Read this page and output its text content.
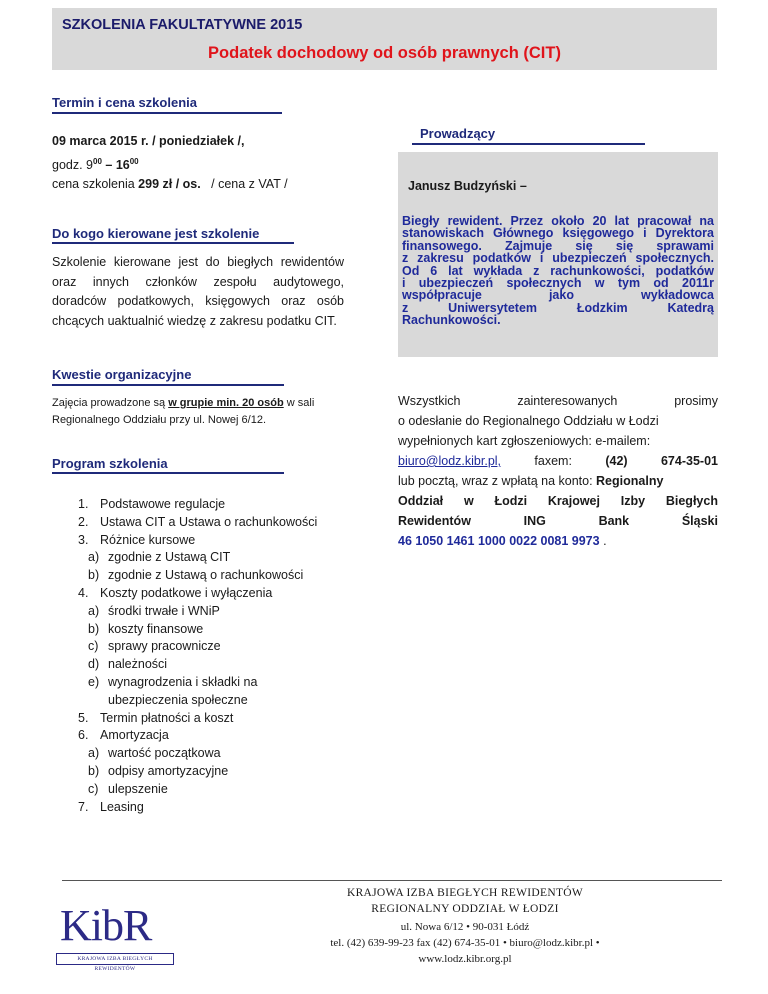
SZKOLENIA FAKULTATYWNE 2015
Podatek dochodowy od osób prawnych (CIT)
Termin i cena szkolenia
09 marca 2015 r. / poniedziałek /,
godz. $9^{00} - 16^{00}$
cena szkolenia 299 zł / os. / cena z VAT /
Do kogo kierowane jest szkolenie
Szkolenie kierowane jest do biegłych rewidentów
oraz innych członków zespołu audytowego,
doradców podatkowych, księgowych oraz osób
chcących uaktualnić wiedzę z zakresu podatku CIT.
Kwestie organizacyjne
Zajęcia prowadzone są w grupie min. 20 osób w sali
Regionalnego Oddziału przy ul. Nowej 6/12.
Program szkolenia
1. Podstawowe regulacje
2. Ustawa CIT a Ustawa o rachunkowości
3. Różnice kursowe
a) zgodnie z Ustawą CIT
b) zgodnie z Ustawą o rachunkowości
4. Koszty podatkowe i wyłączenia
a) środki trwałe i WNiP
b) koszty finansowe
c) sprawy pracownicze
d) należności
e) wynagrodzenia i składki na
ubezpieczenia społeczne
5. Termin płatności a koszt
6. Amortyzacja
a) wartość początkowa
b) odpisy amortyzacyjne
c) ulepszenie
7. Leasing
Prowadzący
Janusz Budzyński –
Biegły rewident. Przez około 20 lat pracował na
stanowiskach Głównego księgowego i Dyrektora
finansowego. Zajmuje się się sprawami
z zakresu podatków i ubezpieczeń społecznych.
Od 6 lat wykłada z rachunkowości, podatków
i ubezpieczeń społecznych w tym od 2011r
współpracuje jako wykładowca
z Uniwersytetem Łodzkim Katedrą
Rachunkowości.
Wszystkich	zainteresowanych	prosimy
o odesłanie do Regionalnego Oddziału w Łodzi
wypełnionych kart zgłoszeniowych: e-mailem:
biuro@lodz.kibr.pl,	faxem:	(42)	674-35-01
lub pocztą, wraz z wpłatą na konto: Regionalny
Oddział w Łodzi Krajowej Izby Biegłych
Rewidentów	ING	Bank	Śląski
46 1050 1461 1000 0022 0081 9973 .
KibR
KRAJOWA IZBA BIEGŁYCH REWIDENTÓW
KRAJOWA IZBA BIEGŁYCH REWIDENTÓW
REGIONALNY ODDZIAŁ W ŁODZI
ul. Nowa 6/12 • 90-031 Łódź
tel. (42) 639-99-23 fax (42) 674-35-01 • biuro@lodz.kibr.pl •
www.lodz.kibr.org.pl
